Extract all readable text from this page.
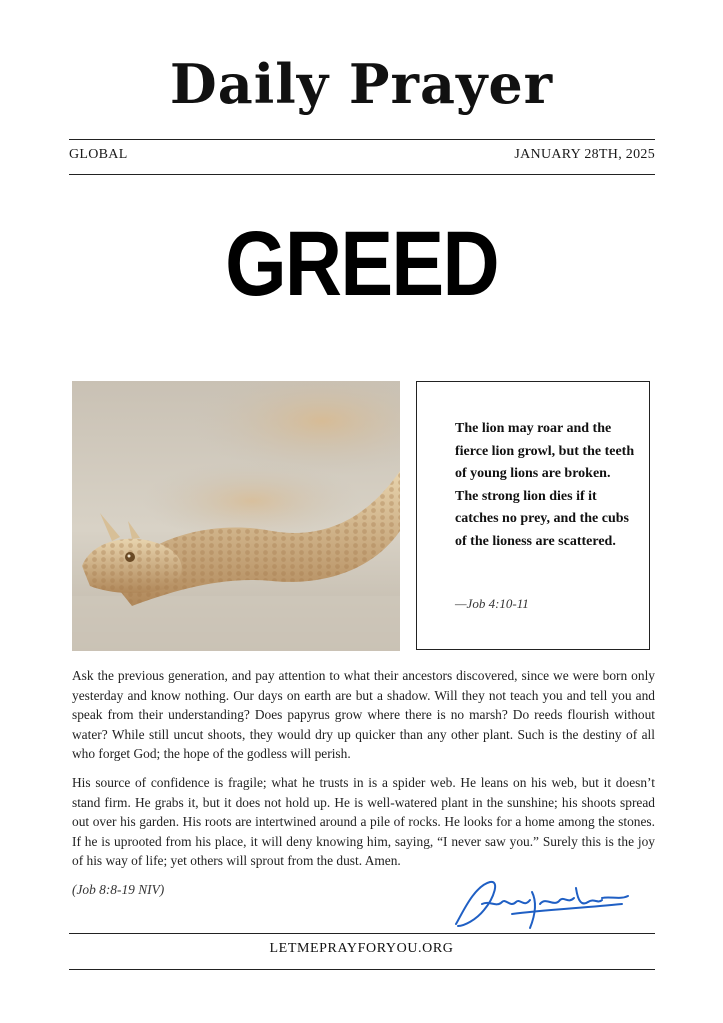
Daily Prayer
GLOBAL	JANUARY 28TH, 2025
GREED
The lion may roar and the fierce lion growl, but the teeth of young lions are broken. The strong lion dies if it catches no prey, and the cubs of the lioness are scattered.
—Job 4:10-11

Ask the previous generation, and pay attention to what their ancestors discovered, since we were born only yesterday and know nothing. Our days on earth are but a shadow. Will they not teach you and tell you and speak from their understanding? Does papyrus grow where there is no marsh? Do reeds flourish without water? While still uncut shoots, they would dry up quicker than any other plant. Such is the destiny of all who forget God; the hope of the godless will perish.

His source of confidence is fragile; what he trusts in is a spider web. He leans on his web, but it doesn’t stand firm. He grabs it, but it does not hold up. He is well-watered plant in the sunshine; his shoots spread out over his garden. His roots are intertwined around a pile of rocks. He looks for a home among the stones. If he is uprooted from his place, it will deny knowing him, saying, “I never saw you.” Surely this is the joy of his way of life; yet others will sprout from the dust. Amen.

(Job 8:8-19 NIV)
LETMEPRAYFORYOU.ORG
